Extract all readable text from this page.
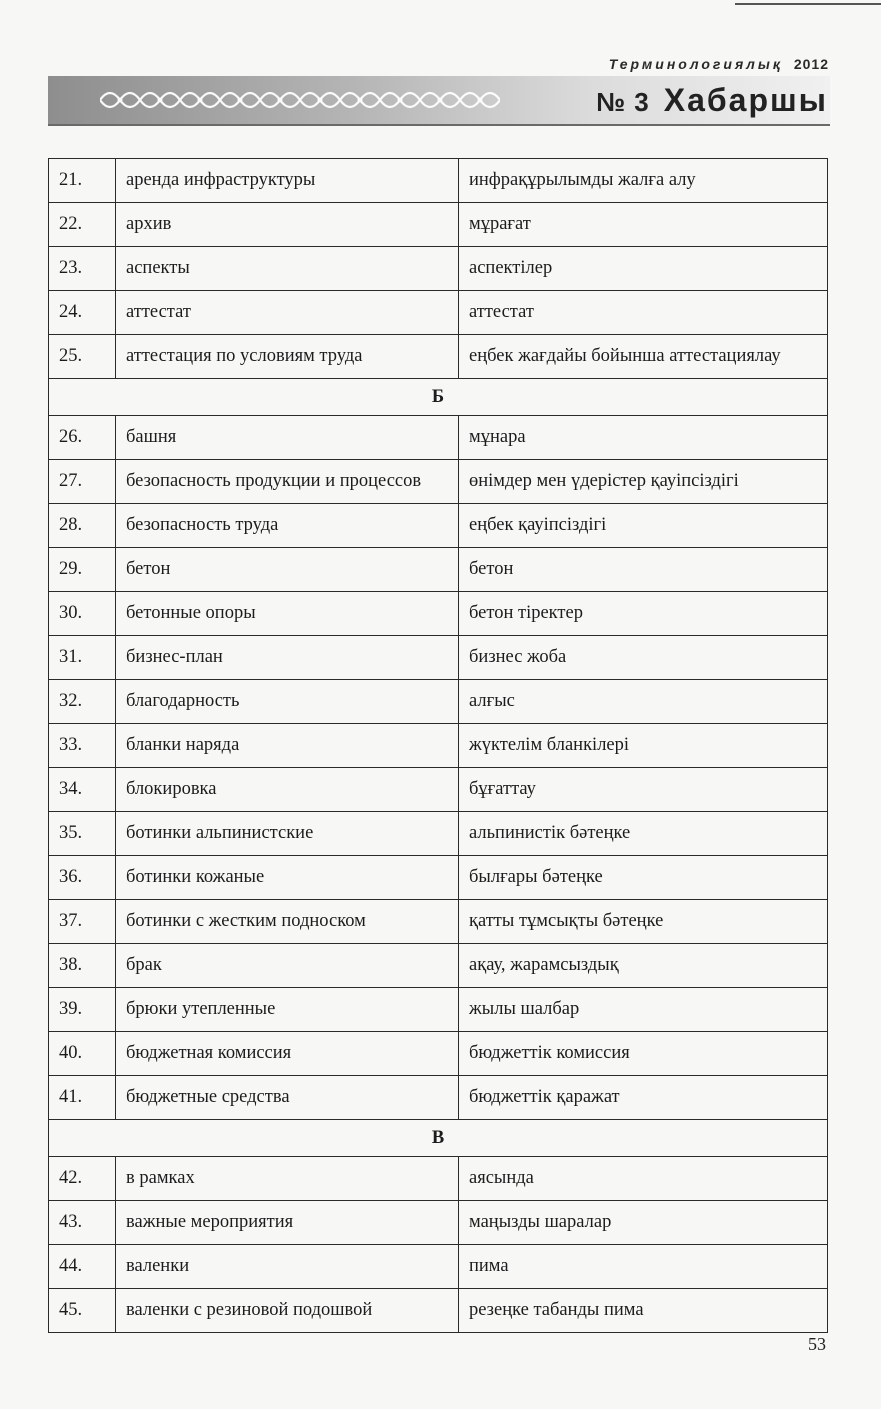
Терминологиялық 2012
№ 3 Хабаршы
21.	аренда инфраструктуры	инфрақұрылымды жалға алу
22.	архив	мұрағат
23.	аспекты	аспектілер
24.	аттестат	аттестат
25.	аттестация по условиям труда	еңбек жағдайы бойынша аттестациялау
Б		
26.	башня	мұнара
27.	безопасность продукции и процессов	өнімдер мен үдерістер қауіпсіздігі
28.	безопасность труда	еңбек қауіпсіздігі
29.	бетон	бетон
30.	бетонные опоры	бетон тіректер
31.	бизнес-план	бизнес жоба
32.	благодарность	алғыс
33.	бланки наряда	жүктелім бланкілері
34.	блокировка	бұғаттау
35.	ботинки альпинистские	альпинистік бәтеңке
36.	ботинки кожаные	былғары бәтеңке
37.	ботинки с жестким подноском	қатты тұмсықты бәтеңке
38.	брак	ақау, жарамсыздық
39.	брюки утепленные	жылы шалбар
40.	бюджетная комиссия	бюджеттік комиссия
41.	бюджетные средства	бюджеттік қаражат
В		
42.	в рамках	аясында
43.	важные мероприятия	маңызды шаралар
44.	валенки	пима
45.	валенки с резиновой подошвой	резеңке табанды пима
53
